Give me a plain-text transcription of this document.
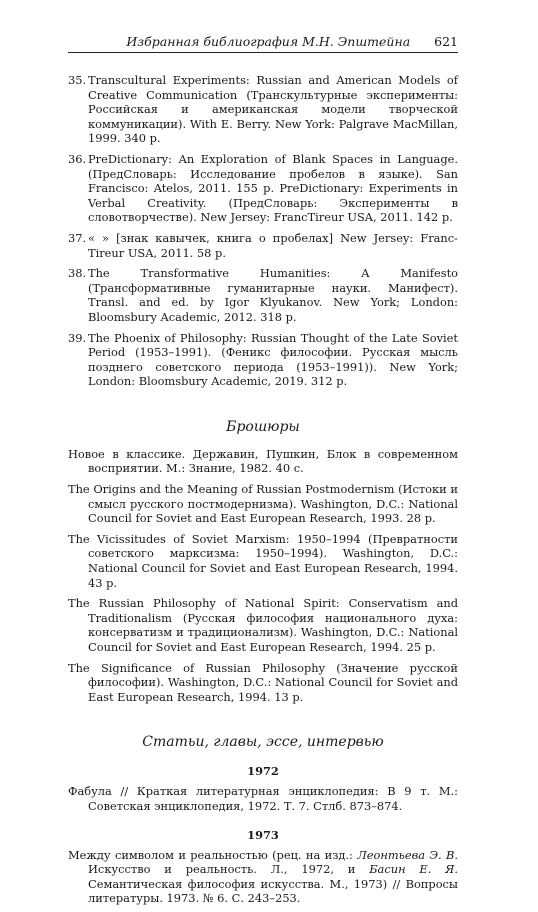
Избранная библиография М.Н. Эпштейна 621
35. Transcultural Experiments: Russian and American Models of Creative Communication (Транскультурные эксперименты: Российская и американская модели творческой коммуникации). With E. Berry. New York: Palgrave MacMillan, 1999. 340 p.
36. PreDictionary: An Exploration of Blank Spaces in Language. (ПредСловарь: Исследование пробелов в языке). San Francisco: Atelos, 2011. 155 p. PreDictionary: Experiments in Verbal Creativity. (ПредСловарь: Эксперименты в словотворчестве). New Jersey: FrancTireur USA, 2011. 142 p.
37. « » [знак кавычек, книга о пробелах] New Jersey: Franc-Tireur USA, 2011. 58 p.
38. The Transformative Humanities: A Manifesto (Трансформативные гуманитарные науки. Манифест). Transl. and ed. by Igor Klyukanov. New York; London: Bloomsbury Academic, 2012. 318 p.
39. The Phoenix of Philosophy: Russian Thought of the Late Soviet Period (1953–1991). (Феникс философии. Русская мысль позднего советского периода (1953–1991)). New York; London: Bloomsbury Academic, 2019. 312 p.
Брошюры
Новое в классике. Державин, Пушкин, Блок в современном восприятии. М.: Знание, 1982. 40 с.
The Origins and the Meaning of Russian Postmodernism (Истоки и смысл русского постмодернизма). Washington, D.C.: National Council for Soviet and East European Research, 1993. 28 p.
The Vicissitudes of Soviet Marxism: 1950–1994 (Превратности советского марксизма: 1950–1994). Washington, D.C.: National Council for Soviet and East European Research, 1994. 43 p.
The Russian Philosophy of National Spirit: Conservatism and Traditionalism (Русская философия национального духа: консерватизм и традиционализм). Washington, D.C.: National Council for Soviet and East European Research, 1994. 25 p.
The Significance of Russian Philosophy (Значение русской философии). Washington, D.C.: National Council for Soviet and East European Research, 1994. 13 p.
Статьи, главы, эссе, интервью
1972
Фабула // Краткая литературная энциклопедия: В 9 т. М.: Советская энциклопедия, 1972. Т. 7. Стлб. 873–874.
1973
Между символом и реальностью (рец. на изд.: Леонтьева Э. В. Искусство и реальность. Л., 1972, и Басин Е. Я. Семантическая философия искусства. М., 1973) // Вопросы литературы. 1973. № 6. С. 243–253.
